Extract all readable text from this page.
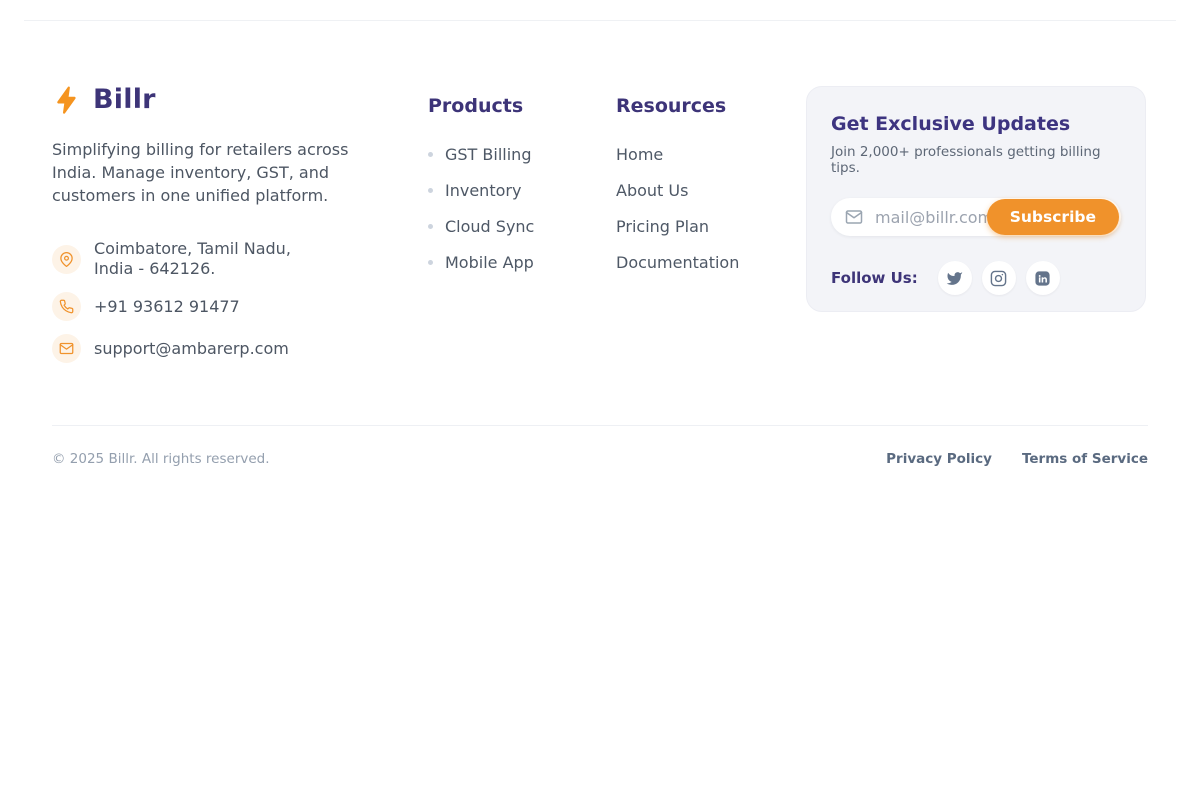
Billr

Simplifying billing for retailers across India. Manage inventory, GST, and customers in one unified platform.

Coimbatore, Tamil Nadu,
India - 642126.
+91 93612 91477
support@ambarerp.com
Products
GST Billing
Inventory
Cloud Sync
Mobile App
Resources
Home
About Us
Pricing Plan
Documentation
Get Exclusive Updates
Join 2,000+ professionals getting billing tips.
mail@billr.com
Subscribe
Follow Us:
© 2025 Billr. All rights reserved.	Privacy Policy Terms of Service
